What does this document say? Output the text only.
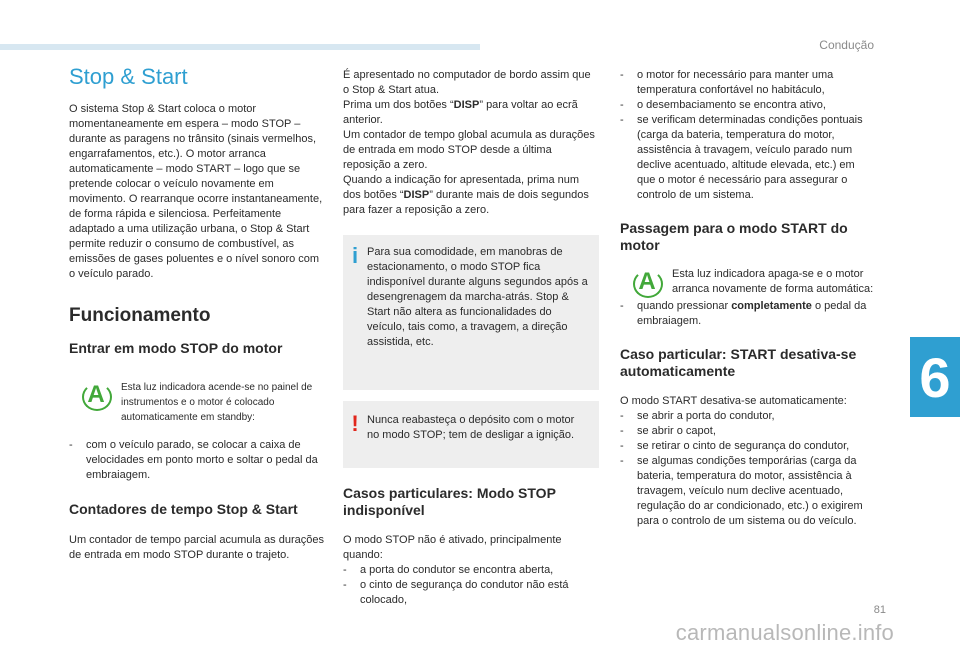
Condução
6
81
carmanualsonline.info
Stop & Start

O sistema Stop & Start coloca o motor momentaneamente em espera – modo STOP – durante as paragens no trânsito (sinais vermelhos, engarrafamentos, etc.). O motor arranca automaticamente – modo START – logo que se pretende colocar o veículo novamente em movimento. O rearranque ocorre instantaneamente, de forma rápida e silenciosa. Perfeitamente adaptado a uma utilização urbana, o Stop & Start permite reduzir o consumo de combustível, as emissões de gases poluentes e o nível sonoro com o veículo parado.

Funcionamento
Entrar em modo STOP do motor
A	Esta luz indicadora acende-se no painel de instrumentos e o motor é colocado automaticamente em standby:

- com o veículo parado, se colocar a caixa de velocidades em ponto morto e soltar o pedal da embraiagem.
Contadores de tempo Stop & Start

Um contador de tempo parcial acumula as durações de entrada em modo STOP durante o trajeto.

É apresentado no computador de bordo assim que o Stop & Start atua.

Prima um dos botões “DISP” para voltar ao ecrã anterior.

Um contador de tempo global acumula as durações de entrada em modo STOP desde a última reposição a zero.

Quando a indicação for apresentada, prima num dos botões “DISP” durante mais de dois segundos para fazer a reposição a zero.

i Para sua comodidade, em manobras de estacionamento, o modo STOP fica indisponível durante alguns segundos após a desengrenagem da marcha-atrás. Stop & Start não altera as funcionalidades do veículo, tais como, a travagem, a direção assistida, etc.

! Nunca reabasteça o depósito com o motor no modo STOP; tem de desligar a ignição.

Casos particulares: Modo STOP indisponível

O modo STOP não é ativado, principalmente quando:

- a porta do condutor se encontra aberta,
- o cinto de segurança do condutor não está colocado,
- o motor for necessário para manter uma temperatura confortável no habitáculo,
- o desembaciamento se encontra ativo,
- se verificam determinadas condições pontuais (carga da bateria, temperatura do motor, assistência à travagem, veículo parado num declive acentuado, altitude elevada, etc.) em que o motor é necessário para assegurar o controlo de um sistema.
Passagem para o modo START do motor
A	Esta luz indicadora apaga-se e o motor arranca novamente de forma automática:

- quando pressionar completamente o pedal da embraiagem.
Caso particular: START desativa-se automaticamente

O modo START desativa-se automaticamente:

- se abrir a porta do condutor,
- se abrir o capot,
- se retirar o cinto de segurança do condutor,
- se algumas condições temporárias (carga da bateria, temperatura do motor, assistência à travagem, veículo num declive acentuado, regulação do ar condicionado, etc.) o exigirem para o controlo de um sistema ou do veículo.
